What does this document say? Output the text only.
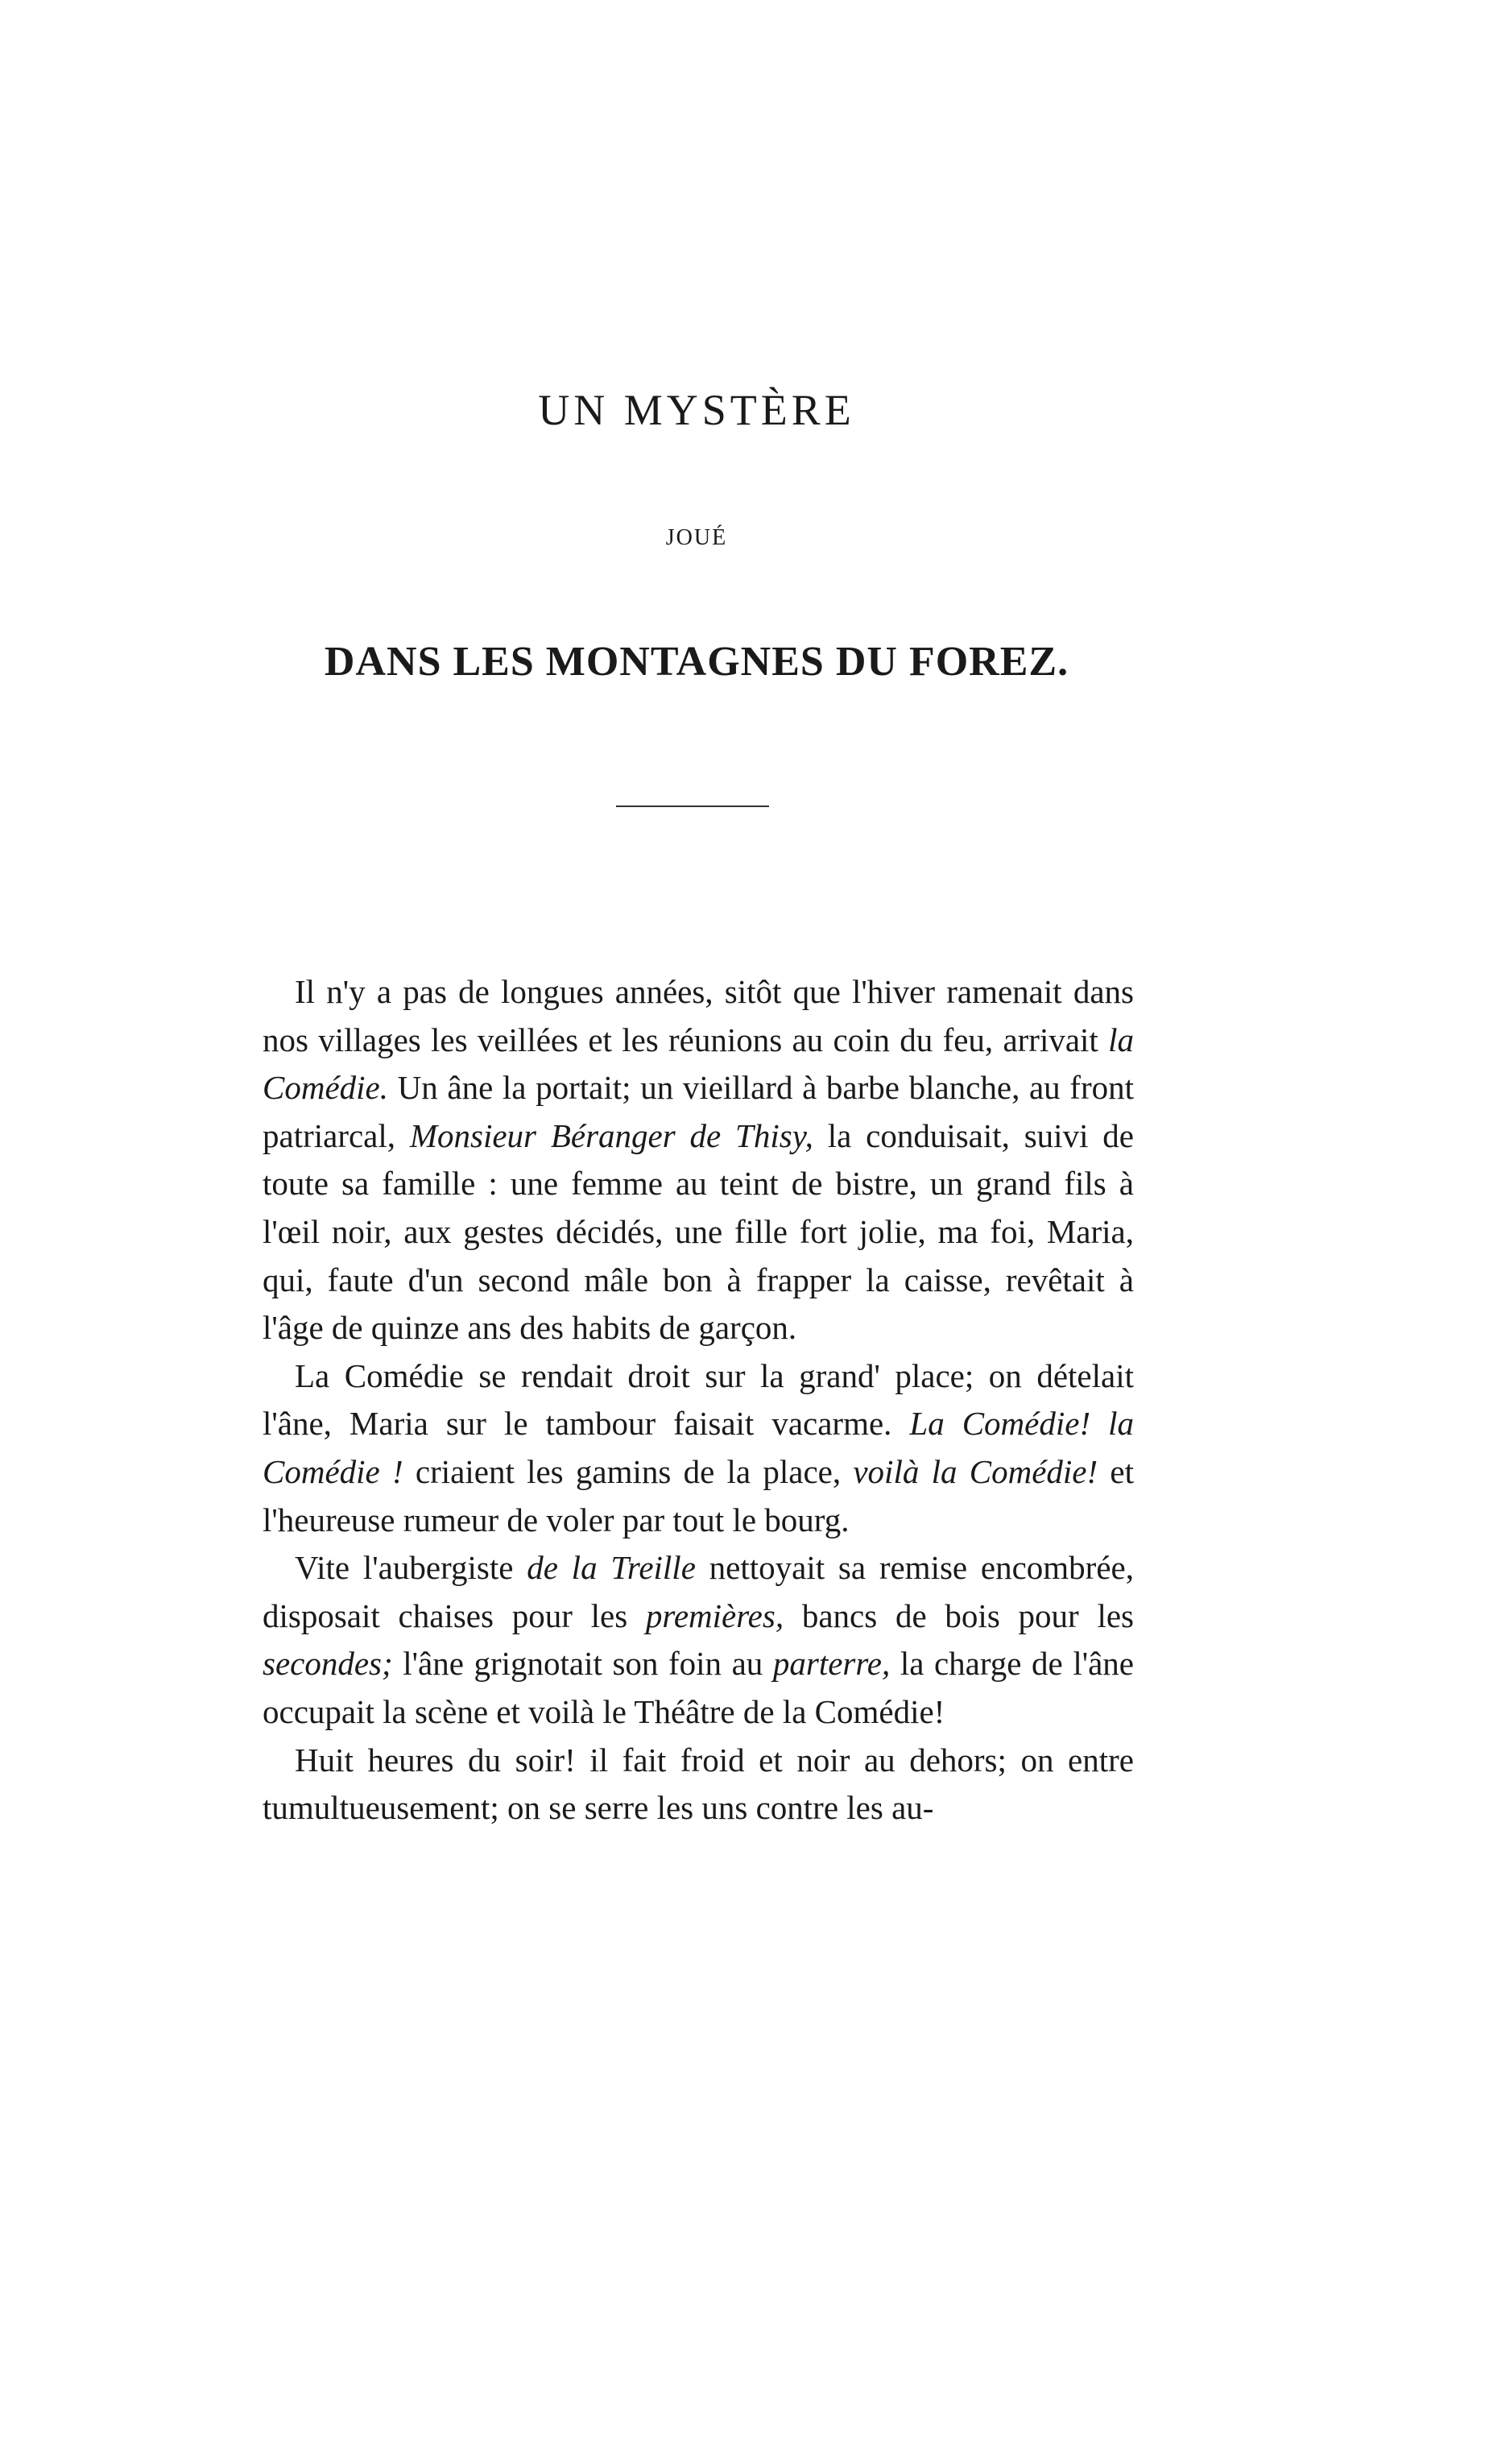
UN MYSTÈRE
JOUÉ
DANS LES MONTAGNES DU FOREZ.

Il n'y a pas de longues années, sitôt que l'hiver ramenait dans nos villages les veillées et les réunions au coin du feu, arrivait la Comédie. Un âne la portait; un vieillard à barbe blanche, au front patriarcal, Monsieur Béranger de Thisy, la conduisait, suivi de toute sa famille : une femme au teint de bistre, un grand fils à l'œil noir, aux gestes décidés, une fille fort jolie, ma foi, Maria, qui, faute d'un second mâle bon à frapper la caisse, revêtait à l'âge de quinze ans des habits de garçon.

La Comédie se rendait droit sur la grand' place; on dételait l'âne, Maria sur le tambour faisait vacarme. La Comédie! la Comédie ! criaient les gamins de la place, voilà la Comédie! et l'heureuse rumeur de voler par tout le bourg.

Vite l'aubergiste de la Treille nettoyait sa remise encombrée, disposait chaises pour les premières, bancs de bois pour les secondes; l'âne grignotait son foin au parterre, la charge de l'âne occupait la scène et voilà le Théâtre de la Comédie!

Huit heures du soir! il fait froid et noir au dehors; on entre tumultueusement; on se serre les uns contre les au-
